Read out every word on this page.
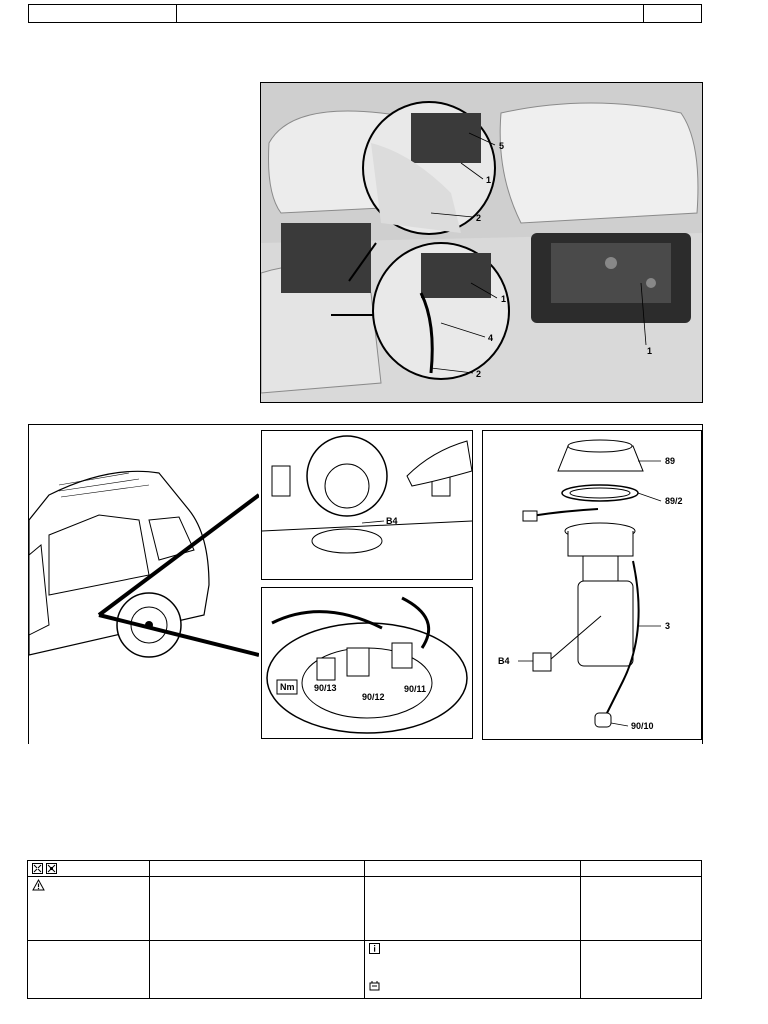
5
1
2
1
4
2
1
B4
Nm 90/13
90/12
90/11
89
89/2
3
B4
90/10
